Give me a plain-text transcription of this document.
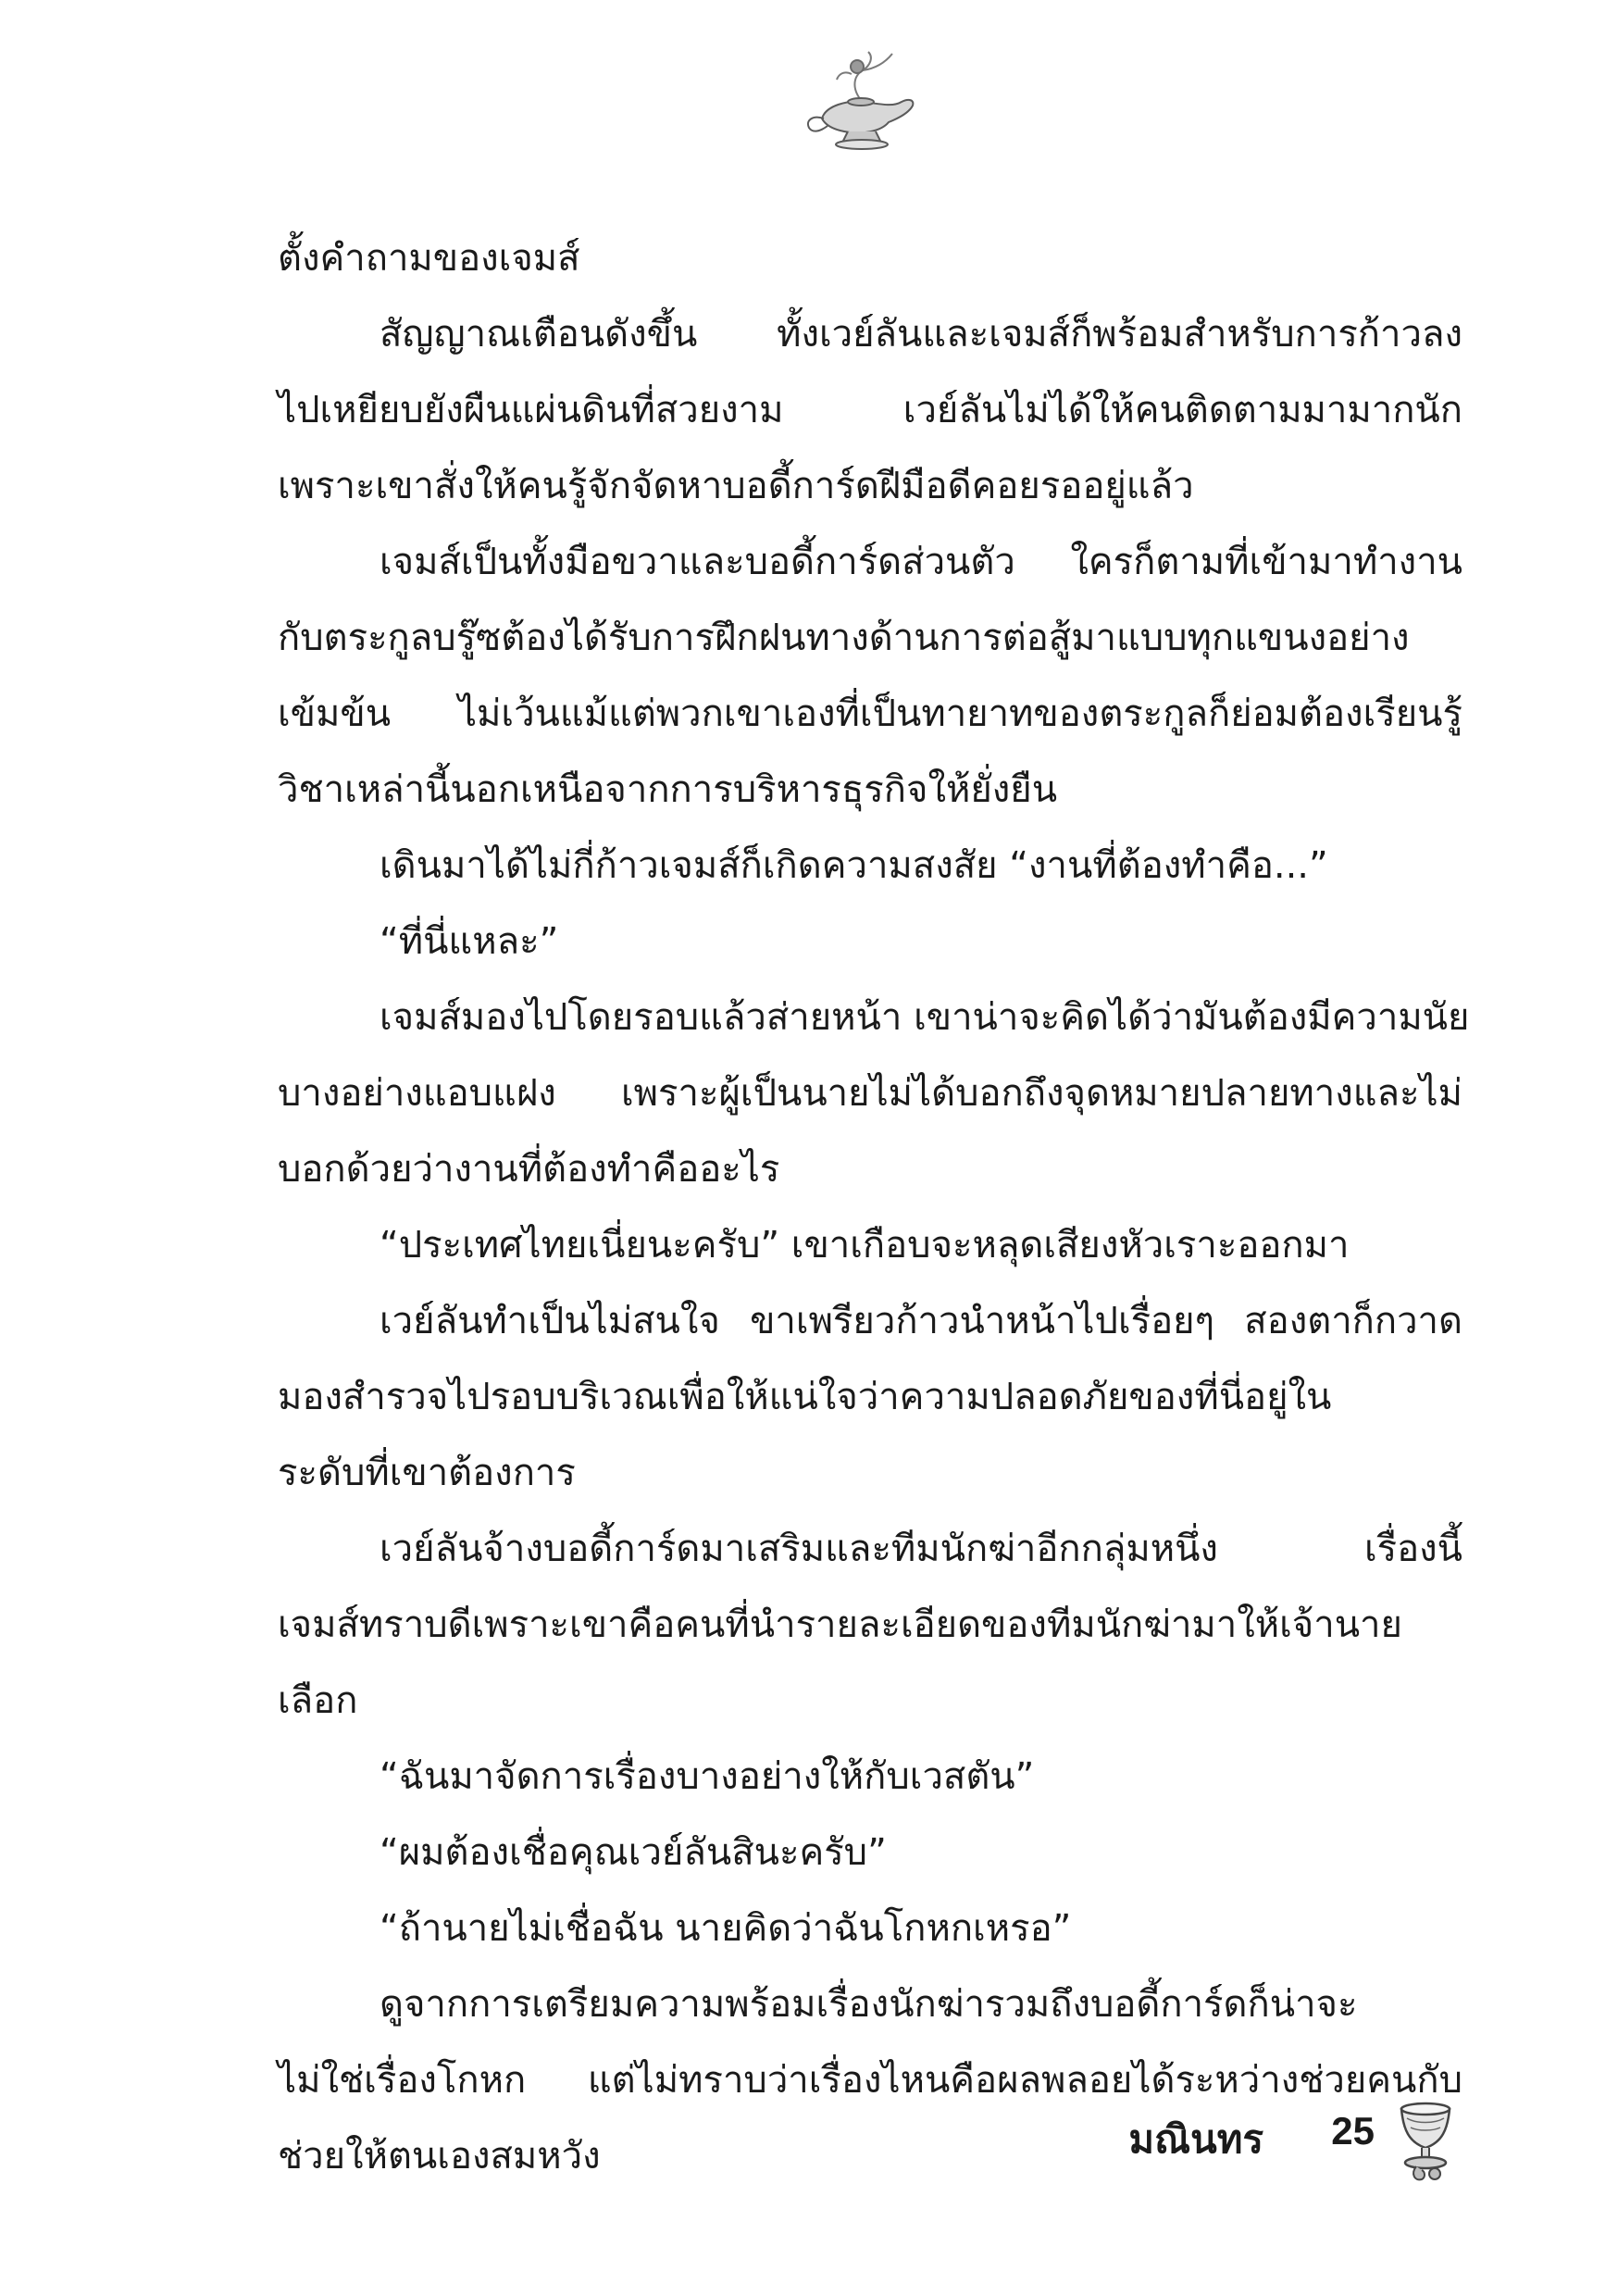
ตั้งคำถามของเจมส์
สัญญาณเตือนดังขึ้น ทั้งเวย์ลันและเจมส์ก็พร้อมสำหรับการก้าวลง
ไปเหยียบยังผืนแผ่นดินที่สวยงาม เวย์ลันไม่ได้ให้คนติดตามมามากนัก
เพราะเขาสั่งให้คนรู้จักจัดหาบอดี้การ์ดฝีมือดีคอยรออยู่แล้ว
เจมส์เป็นทั้งมือขวาและบอดี้การ์ดส่วนตัว ใครก็ตามที่เข้ามาทำงาน
กับตระกูลบรู๊ซต้องได้รับการฝึกฝนทางด้านการต่อสู้มาแบบทุกแขนงอย่าง
เข้มข้น ไม่เว้นแม้แต่พวกเขาเองที่เป็นทายาทของตระกูลก็ย่อมต้องเรียนรู้
วิชาเหล่านี้นอกเหนือจากการบริหารธุรกิจให้ยั่งยืน
เดินมาได้ไม่กี่ก้าวเจมส์ก็เกิดความสงสัย “งานที่ต้องทำคือ...”
“ที่นี่แหละ”
เจมส์มองไปโดยรอบแล้วส่ายหน้า เขาน่าจะคิดได้ว่ามันต้องมีความนัย
บางอย่างแอบแฝง เพราะผู้เป็นนายไม่ได้บอกถึงจุดหมายปลายทางและไม่
บอกด้วยว่างานที่ต้องทำคืออะไร
“ประเทศไทยเนี่ยนะครับ” เขาเกือบจะหลุดเสียงหัวเราะออกมา
เวย์ลันทำเป็นไม่สนใจ ขาเพรียวก้าวนำหน้าไปเรื่อยๆ สองตาก็กวาด
มองสำรวจไปรอบบริเวณเพื่อให้แน่ใจว่าความปลอดภัยของที่นี่อยู่ใน
ระดับที่เขาต้องการ
เวย์ลันจ้างบอดี้การ์ดมาเสริมและทีมนักฆ่าอีกกลุ่มหนึ่ง เรื่องนี้
เจมส์ทราบดีเพราะเขาคือคนที่นำรายละเอียดของทีมนักฆ่ามาให้เจ้านาย
เลือก
“ฉันมาจัดการเรื่องบางอย่างให้กับเวสตัน”
“ผมต้องเชื่อคุณเวย์ลันสินะครับ”
“ถ้านายไม่เชื่อฉัน นายคิดว่าฉันโกหกเหรอ”
ดูจากการเตรียมความพร้อมเรื่องนักฆ่ารวมถึงบอดี้การ์ดก็น่าจะ
ไม่ใช่เรื่องโกหก แต่ไม่ทราบว่าเรื่องไหนคือผลพลอยได้ระหว่างช่วยคนกับ
ช่วยให้ตนเองสมหวัง	มณินทร 25
